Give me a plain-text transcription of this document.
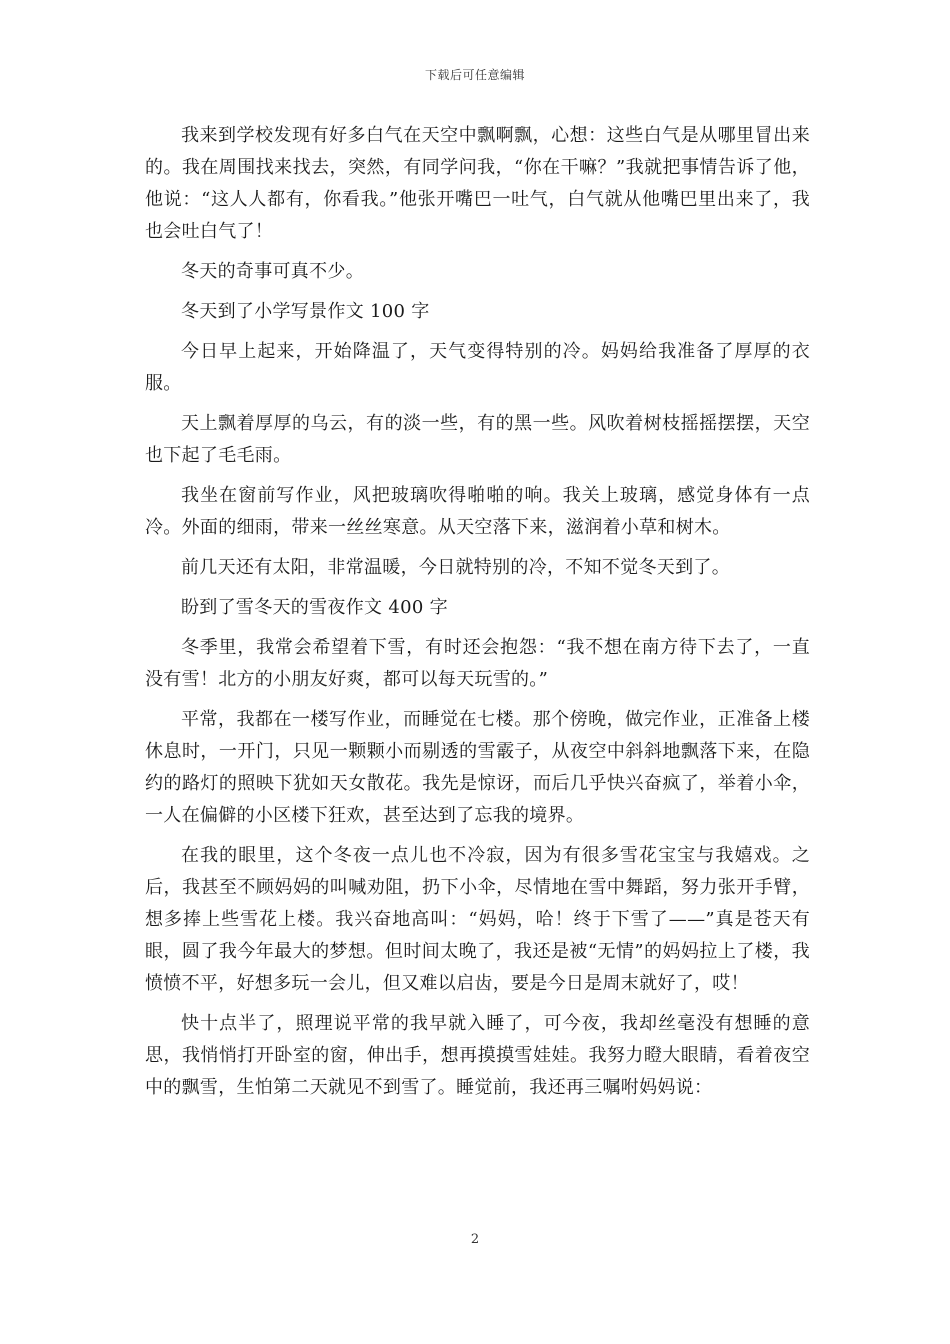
下载后可任意编辑

我来到学校发现有好多白气在天空中飘啊飘，心想：这些白气是从哪里冒出来的。我在周围找来找去，突然，有同学问我，“你在干嘛？”我就把事情告诉了他，他说：“这人人都有，你看我。”他张开嘴巴一吐气，白气就从他嘴巴里出来了，我也会吐白气了！

冬天的奇事可真不少。

冬天到了小学写景作文 100 字

今日早上起来，开始降温了，天气变得特别的冷。妈妈给我准备了厚厚的衣服。

天上飘着厚厚的乌云，有的淡一些，有的黑一些。风吹着树枝摇摇摆摆，天空也下起了毛毛雨。

我坐在窗前写作业，风把玻璃吹得啪啪的响。我关上玻璃，感觉身体有一点冷。外面的细雨，带来一丝丝寒意。从天空落下来，滋润着小草和树木。

前几天还有太阳，非常温暖，今日就特别的冷，不知不觉冬天到了。

盼到了雪冬天的雪夜作文 400 字

冬季里，我常会希望着下雪，有时还会抱怨：“我不想在南方待下去了，一直没有雪！北方的小朋友好爽，都可以每天玩雪的。”

平常，我都在一楼写作业，而睡觉在七楼。那个傍晚，做完作业，正准备上楼休息时，一开门，只见一颗颗小而剔透的雪霰子，从夜空中斜斜地飘落下来，在隐约的路灯的照映下犹如天女散花。我先是惊讶，而后几乎快兴奋疯了，举着小伞，一人在偏僻的小区楼下狂欢，甚至达到了忘我的境界。

在我的眼里，这个冬夜一点儿也不冷寂，因为有很多雪花宝宝与我嬉戏。之后，我甚至不顾妈妈的叫喊劝阻，扔下小伞，尽情地在雪中舞蹈，努力张开手臂，想多捧上些雪花上楼。我兴奋地高叫：“妈妈，哈！终于下雪了——”真是苍天有眼，圆了我今年最大的梦想。但时间太晚了，我还是被“无情”的妈妈拉上了楼，我愤愤不平，好想多玩一会儿，但又难以启齿，要是今日是周末就好了，哎！

快十点半了，照理说平常的我早就入睡了，可今夜，我却丝毫没有想睡的意思，我悄悄打开卧室的窗，伸出手，想再摸摸雪娃娃。我努力瞪大眼睛，看着夜空中的飘雪，生怕第二天就见不到雪了。睡觉前，我还再三嘱咐妈妈说：

2
